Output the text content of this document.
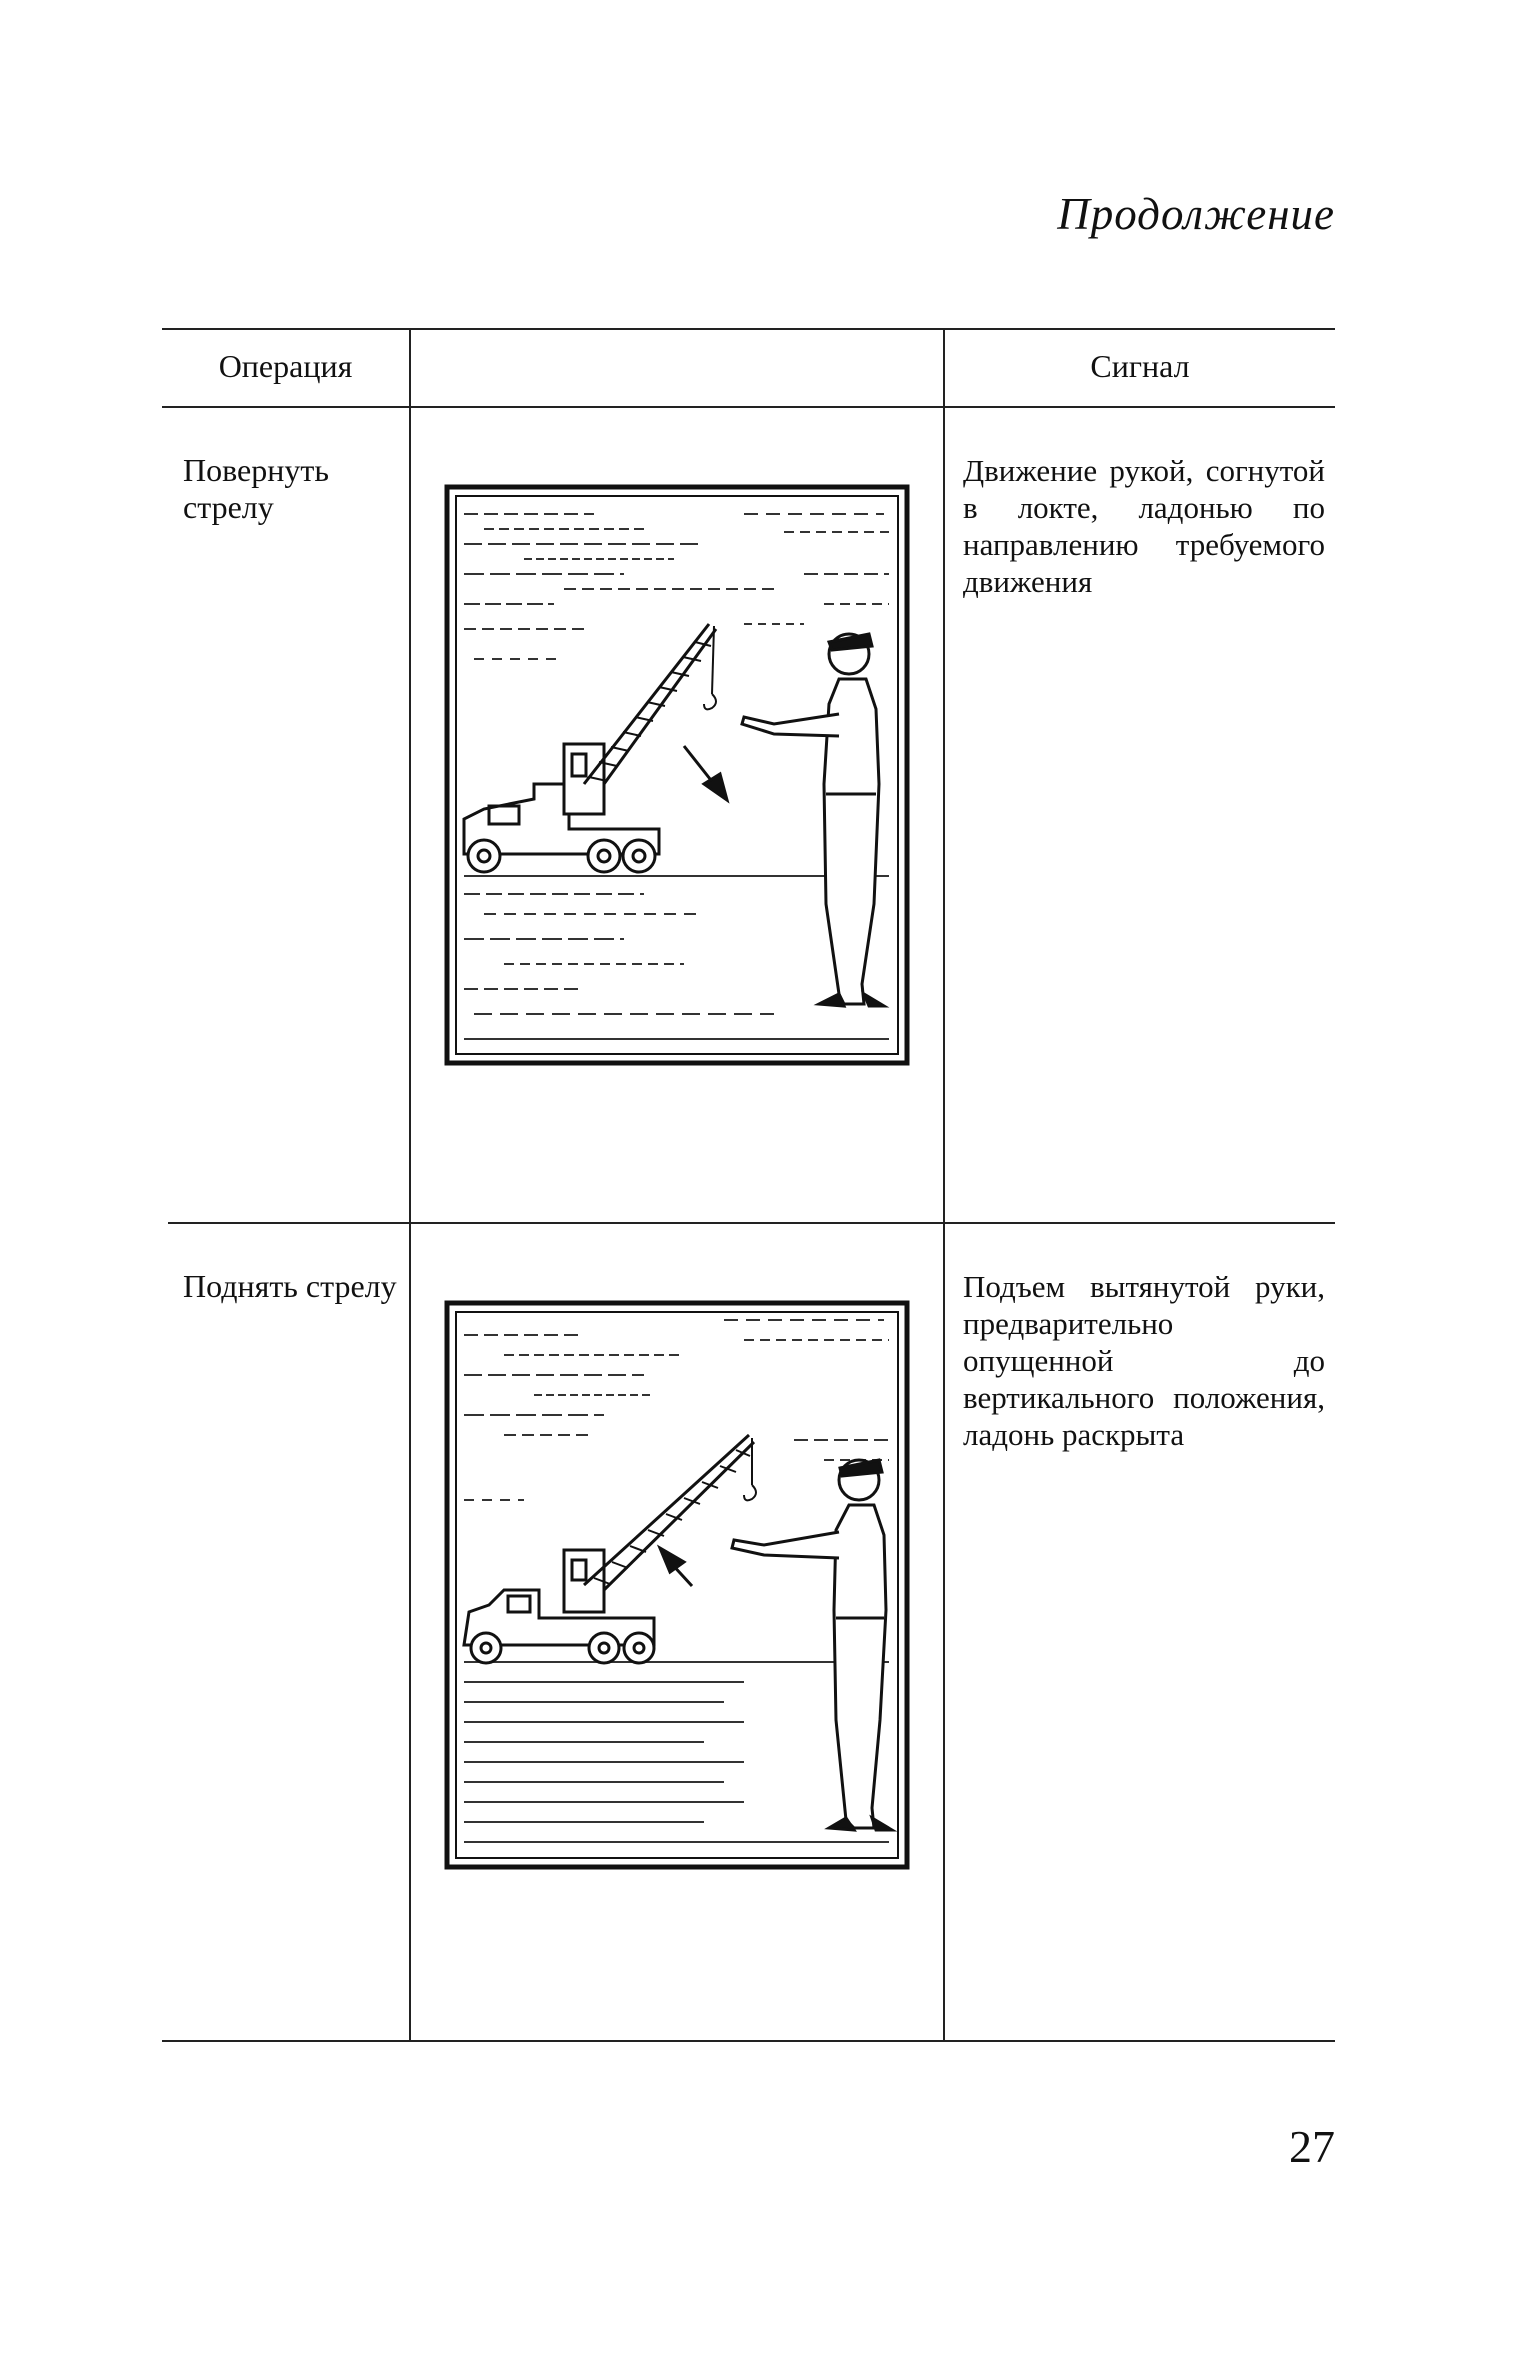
Продолжение
Операция	Сигнал
Повернуть стрелу
Движение рукой, согнутой в локте, ладонью по направлению требуемого движения
Поднять стрелу	Подъем вытянутой руки, предварительно опущенной до вертикального положения, ладонь раскрыта
27
